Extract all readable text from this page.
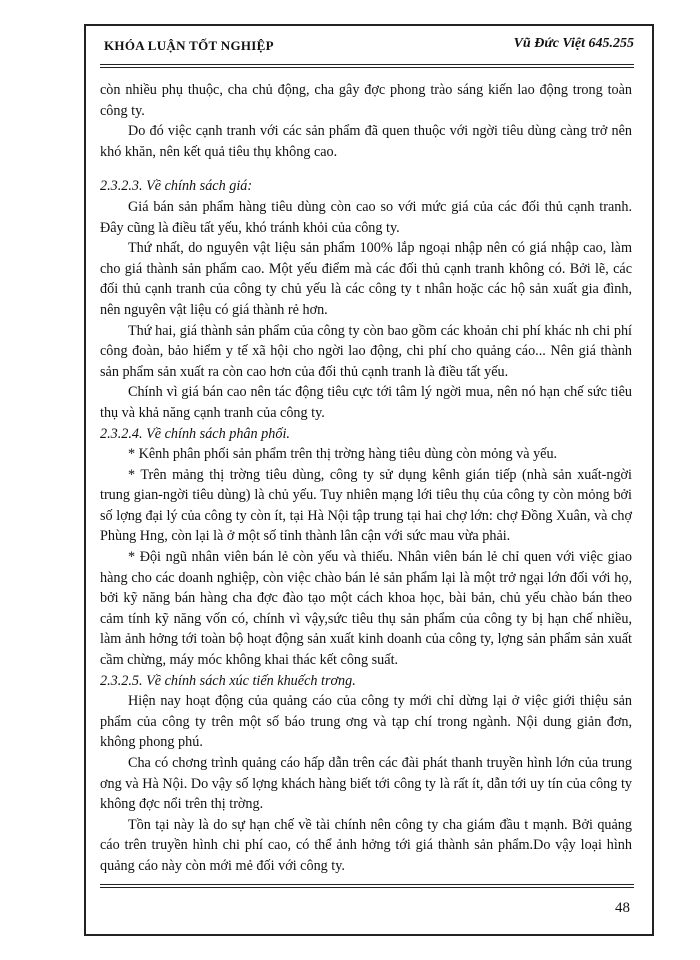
KHÓA LUẬN TỐT NGHIỆP	Vũ Đức Việt 645.255

còn nhiều phụ thuộc, cha chủ động, cha gây đợc phong trào sáng kiến lao động trong toàn công ty.

Do đó việc cạnh tranh với các sản phẩm đã quen thuộc với ngời tiêu dùng càng trở nên khó khăn, nên kết quả tiêu thụ không cao.

2.3.2.3. Về chính sách giá:

Giá bán sản phẩm hàng tiêu dùng còn cao so với mức giá của các đối thủ cạnh tranh. Đây cũng là điều tất yếu, khó tránh khỏi của công ty.

Thứ nhất, do nguyên vật liệu sản phẩm 100% lắp ngoại nhập nên có giá nhập cao, làm cho giá thành sản phẩm cao. Một yếu điểm mà các đối thủ cạnh tranh không có. Bởi lẽ, các đối thủ cạnh tranh của công ty chủ yếu là các công ty t nhân hoặc các hộ sản xuất gia đình, nên nguyên vật liệu có giá thành rẻ hơn.

Thứ hai, giá thành sản phẩm của công ty còn bao gồm các khoản chi phí khác nh chi phí công đoàn, bảo hiểm y tế xã hội cho ngời lao động, chi phí cho quảng cáo... Nên giá thành sản phẩm sản xuất ra còn cao hơn của đối thủ cạnh tranh là điều tất yếu.

Chính vì giá bán cao nên tác động tiêu cực tới tâm lý ngời mua, nên nó hạn chế sức tiêu thụ và khả năng cạnh tranh của công ty.

2.3.2.4. Về chính sách phân phối.

* Kênh phân phối sản phẩm trên thị trờng hàng tiêu dùng còn mỏng và yếu.

* Trên mảng thị trờng tiêu dùng, công ty sử dụng kênh gián tiếp (nhà sản xuất-ngời trung gian-ngời tiêu dùng) là chủ yếu. Tuy nhiên mạng lới tiêu thụ của công ty còn mỏng bởi số lợng đại lý của công ty còn ít, tại Hà Nội tập trung tại hai chợ lớn: chợ Đồng Xuân, và chợ Phùng Hng, còn lại là ở một số tỉnh thành lân cận với sức mau vừa phải.

* Đội ngũ nhân viên bán lẻ còn yếu và thiếu. Nhân viên bán lẻ chỉ quen với việc giao hàng cho các doanh nghiệp, còn việc chào bán lẻ sản phẩm lại là một trở ngại lớn đối với họ, bởi kỹ năng bán hàng cha đợc đào tạo một cách khoa học, bài bản, chủ yếu chào bán theo cảm tính kỹ năng vốn có, chính vì vậy,sức tiêu thụ sản phẩm của công ty bị hạn chế nhiều, làm ảnh hởng tới toàn bộ hoạt động sản xuất kinh doanh của công ty, lợng sản phẩm sản xuất cầm chừng, máy móc không khai thác kết công suất.

2.3.2.5. Về chính sách xúc tiến khuếch trơng.

Hiện nay hoạt động của quảng cáo của công ty mới chỉ dừng lại ở việc giới thiệu sản phẩm của công ty trên một số báo trung ơng và tạp chí trong ngành. Nội dung giản đơn, không phong phú.

Cha có chơng trình quảng cáo hấp dẫn trên các đài phát thanh truyền hình lớn của trung ơng và Hà Nội. Do vậy số lợng khách hàng biết tới công ty là rất ít, dẫn tới uy tín của công ty không đợc nổi trên thị trờng.

Tồn tại này là do sự hạn chế về tài chính nên công ty cha giám đầu t mạnh. Bởi quảng cáo trên truyền hình chi phí cao, có thể ảnh hởng tới giá thành sản phẩm.Do vậy loại hình quảng cáo này còn mới mẻ đối với công ty.

48
